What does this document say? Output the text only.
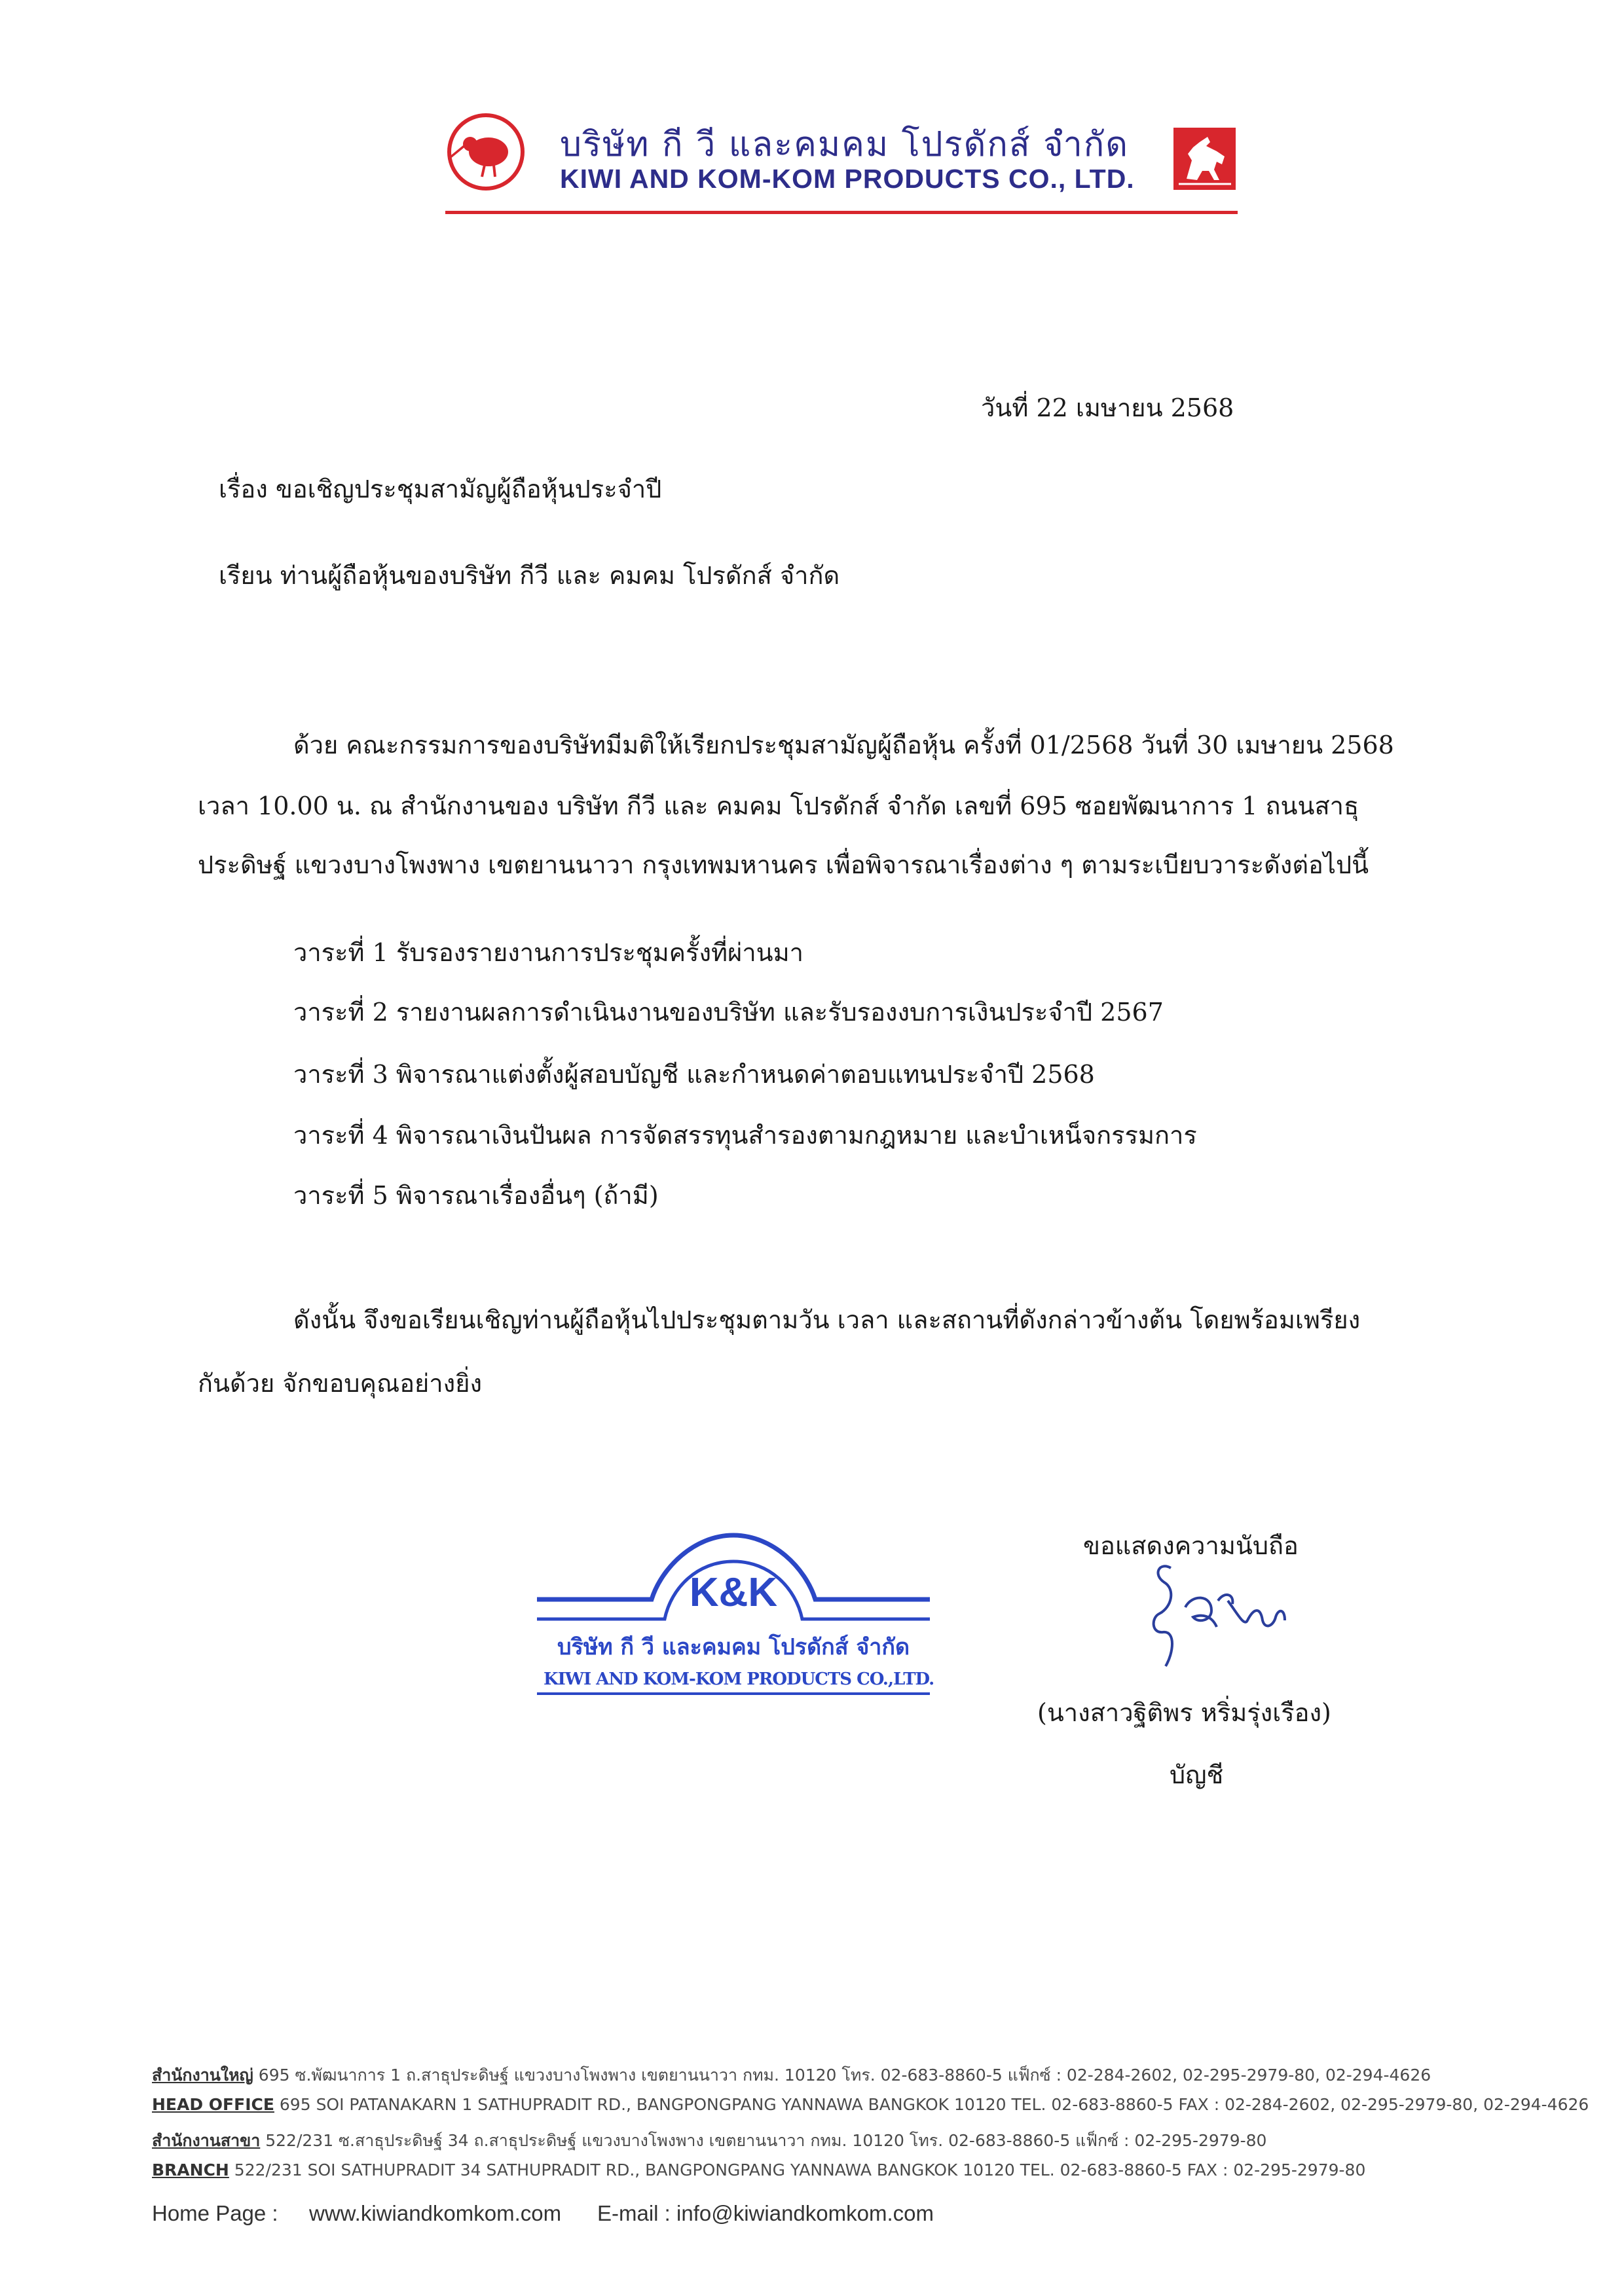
บริษัท กี วี และคมคม โปรดักส์ จำกัด
KIWI AND KOM-KOM PRODUCTS CO., LTD.
วันที่ 22 เมษายน 2568
เรื่อง ขอเชิญประชุมสามัญผู้ถือหุ้นประจำปี
เรียน ท่านผู้ถือหุ้นของบริษัท กีวี และ คมคม โปรดักส์ จำกัด
ด้วย คณะกรรมการของบริษัทมีมติให้เรียกประชุมสามัญผู้ถือหุ้น ครั้งที่ 01/2568 วันที่ 30 เมษายน 2568
เวลา 10.00 น. ณ สำนักงานของ บริษัท กีวี และ คมคม โปรดักส์ จำกัด เลขที่ 695 ซอยพัฒนาการ 1 ถนนสาธุ
ประดิษฐ์ แขวงบางโพงพาง เขตยานนาวา กรุงเทพมหานคร เพื่อพิจารณาเรื่องต่าง ๆ ตามระเบียบวาระดังต่อไปนี้
วาระที่ 1 รับรองรายงานการประชุมครั้งที่ผ่านมา
วาระที่ 2 รายงานผลการดำเนินงานของบริษัท และรับรองงบการเงินประจำปี 2567
วาระที่ 3 พิจารณาแต่งตั้งผู้สอบบัญชี และกำหนดค่าตอบแทนประจำปี 2568
วาระที่ 4 พิจารณาเงินปันผล การจัดสรรทุนสำรองตามกฎหมาย และบำเหน็จกรรมการ
วาระที่ 5 พิจารณาเรื่องอื่นๆ (ถ้ามี)
ดังนั้น จึงขอเรียนเชิญท่านผู้ถือหุ้นไปประชุมตามวัน เวลา และสถานที่ดังกล่าวข้างต้น โดยพร้อมเพรียง
กันด้วย จักขอบคุณอย่างยิ่ง
ขอแสดงความนับถือ
(นางสาวฐิติพร หริ่มรุ่งเรือง)
บัญชี
K&K
บริษัท กี วี และคมคม โปรดักส์ จำกัด
KIWI AND KOM-KOM PRODUCTS CO.,LTD.
สำนักงานใหญ่ 695 ซ.พัฒนาการ 1 ถ.สาธุประดิษฐ์ แขวงบางโพงพาง เขตยานนาวา กทม. 10120 โทร. 02-683-8860-5 แฟ็กซ์ : 02-284-2602, 02-295-2979-80, 02-294-4626
HEAD OFFICE 695 SOI PATANAKARN 1 SATHUPRADIT RD., BANGPONGPANG YANNAWA BANGKOK 10120 TEL. 02-683-8860-5 FAX : 02-284-2602, 02-295-2979-80, 02-294-4626
สำนักงานสาขา 522/231 ซ.สาธุประดิษฐ์ 34 ถ.สาธุประดิษฐ์ แขวงบางโพงพาง เขตยานนาวา กทม. 10120 โทร. 02-683-8860-5 แฟ็กซ์ : 02-295-2979-80
BRANCH 522/231 SOI SATHUPRADIT 34 SATHUPRADIT RD., BANGPONGPANG YANNAWA BANGKOK 10120 TEL. 02-683-8860-5 FAX : 02-295-2979-80
Home Page : www.kiwiandkomkom.com E-mail : info@kiwiandkomkom.com
